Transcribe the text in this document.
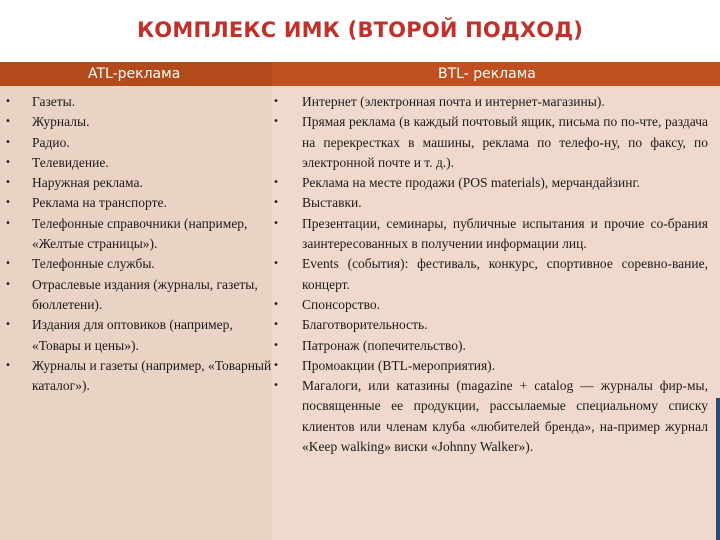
КОМПЛЕКС ИМК (ВТОРОЙ ПОДХОД)
ATL-реклама	BTL- реклама
• Газеты.
• Журналы.
• Радио.
• Телевидение.
• Наружная реклама.
• Реклама на транспорте.
• Телефонные справочники (например, «Желтые страницы»).
• Телефонные службы.
• Отраслевые издания (журналы, газеты, бюллетени).
• Издания для оптовиков (например, «Товары и цены»).
• Журналы и газеты (например, «Товарный каталог»).
• Интернет (электронная почта и интернет-магазины).
• Прямая реклама (в каждый почтовый ящик, письма по по-чте, раздача на перекрестках в машины, реклама по телефо-ну, по факсу, по электронной почте и т. д.).
• Реклама на месте продажи (POS materials), мерчандайзинг.
• Выставки.
• Презентации, семинары, публичные испытания и прочие со-брания заинтересованных в получении информации лиц.
• Events (события): фестиваль, конкурс, спортивное соревно-вание, концерт.
• Спонсорство.
• Благотворительность.
• Патронаж (попечительство).
• Промоакции (BTL-мероприятия).
• Магалоги, или катазины (magazine + catalog — журналы фир-мы, посвященные ее продукции, рассылаемые специальному списку клиентов или членам клуба «любителей бренда», на-пример журнал «Keep walking» виски «Johnny Walker»).
